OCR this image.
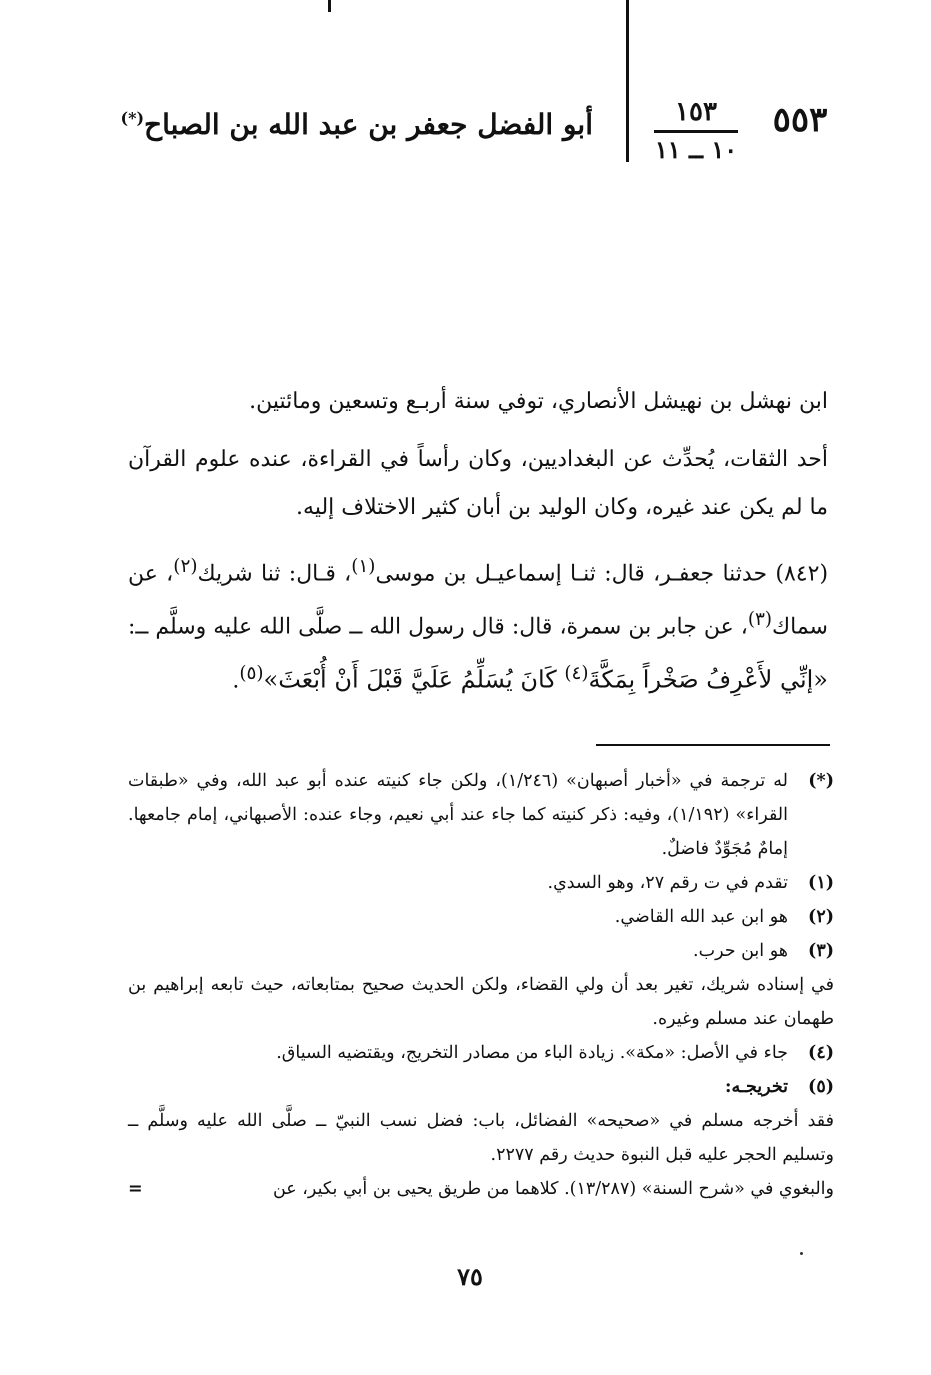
٥٥٣
١٥٣
١٠ ــ ١١
أبو الفضل جعفر بن عبد الله بن الصباح(*)
ابن نهشل بن نهيشل الأنصاري، توفي سنة أربـع وتسعين ومائتين.
أحد الثقات، يُحدِّث عن البغداديين، وكان رأساً في القراءة، عنده علوم القرآن ما لم يكن عند غيره، وكان الوليد بن أبان كثير الاختلاف إليه.
(٨٤٢) حدثنا جعفـر، قال: ثنـا إسماعيـل بن موسى$^{(١)}$، قـال: ثنا شريك$^{(٢)}$، عن سماك$^{(٣)}$، عن جابر بن سمرة، قال: قال رسول الله ــ صلَّى الله عليه وسلَّم ــ: «إنِّي لأَعْرِفُ صَخْراً بِمَكَّةَ$^{(٤)}$ كَانَ يُسَلِّمُ عَلَيَّ قَبْلَ أَنْ أُبْعَثَ»$^{(٥)}$.
(*)
له ترجمة في «أخبار أصبهان» (١/٢٤٦)، ولكن جاء كنيته عنده أبو عبد الله، وفي «طبقات القراء» (١/١٩٢)، وفيه: ذكر كنيته كما جاء عند أبي نعيم، وجاء عنده: الأصبهاني، إمام جامعها. إمامٌ مُجَوِّدٌ فاضلٌ.
(١)
تقدم في ت رقم ٢٧، وهو السدي.
(٢)
هو ابن عبد الله القاضي.
(٣)
هو ابن حرب.
في إسناده شريك، تغير بعد أن ولي القضاء، ولكن الحديث صحيح بمتابعاته، حيث تابعه إبراهيم بن طهمان عند مسلم وغيره.
(٤)
جاء في الأصل: «مكة». زيادة الباء من مصادر التخريج، ويقتضيه السياق.
(٥)
تخريجـه:
فقد أخرجه مسلم في «صحيحه» الفضائل، باب: فضل نسب النبيّ ــ صلَّى الله عليه وسلَّم ــ وتسليم الحجر عليه قبل النبوة حديث رقم ٢٢٧٧.
والبغوي في «شرح السنة» (١٣/٢٨٧). كلاهما من طريق يحيى بن أبي بكير، عن
=
٧٥
